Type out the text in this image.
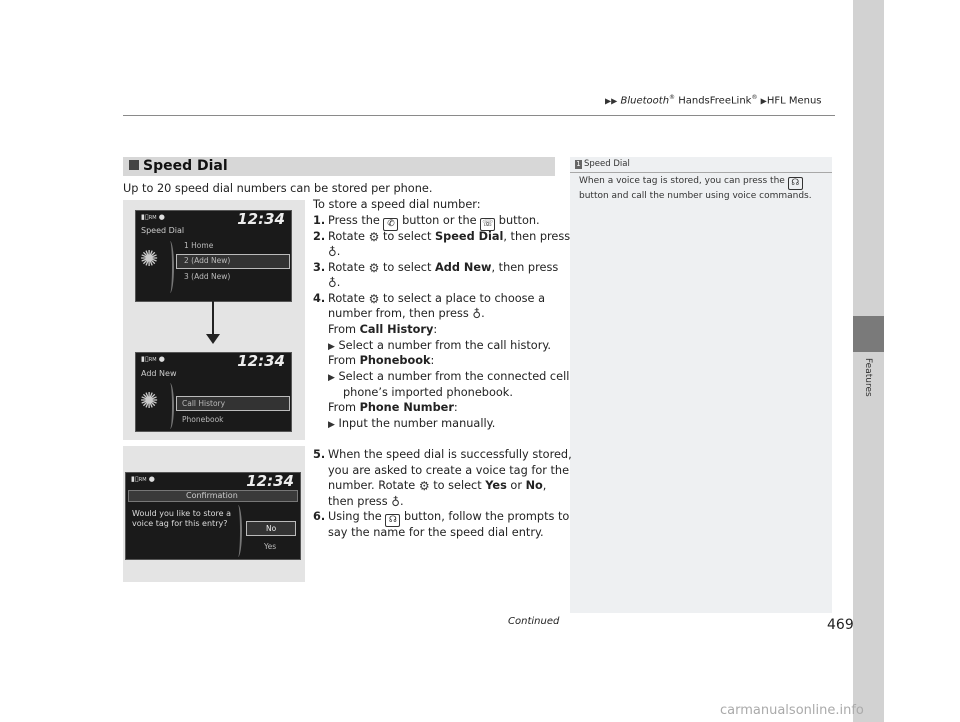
▶▶ Bluetooth® HandsFreeLink® ▶HFL Menus
Features
Speed Dial	1 Speed Dial
When a voice tag is stored, you can press the ☊
button and call the number using voice commands.
Up to 20 speed dial numbers can be stored per phone.
▮▯RM ●	12:34
Speed Dial
✺
1 Home
2 (Add New)
3 (Add New)
▮▯RM ●	12:34
Add New
✺	Call History
Phonebook
▮▯RM ●	12:34
Confirmation
Would you like to store a
voice tag for this entry?
No
Yes
To store a speed dial number:
1. Press the ✆ button or the ☏ button.
2. Rotate ⚙ to select Speed Dial, then press
♁.
3. Rotate ⚙ to select Add New, then press
♁.
4. Rotate ⚙ to select a place to choose a
number from, then press ♁.
From Call History:
▶ Select a number from the call history.
From Phonebook:
▶ Select a number from the connected cell
phone’s imported phonebook.
From Phone Number:
▶ Input the number manually.
5. When the speed dial is successfully stored,
you are asked to create a voice tag for the
number. Rotate ⚙ to select Yes or No,
then press ♁.
6. Using the ☊ button, follow the prompts to
say the name for the speed dial entry.
Continued	469
carmanualsonline.info
